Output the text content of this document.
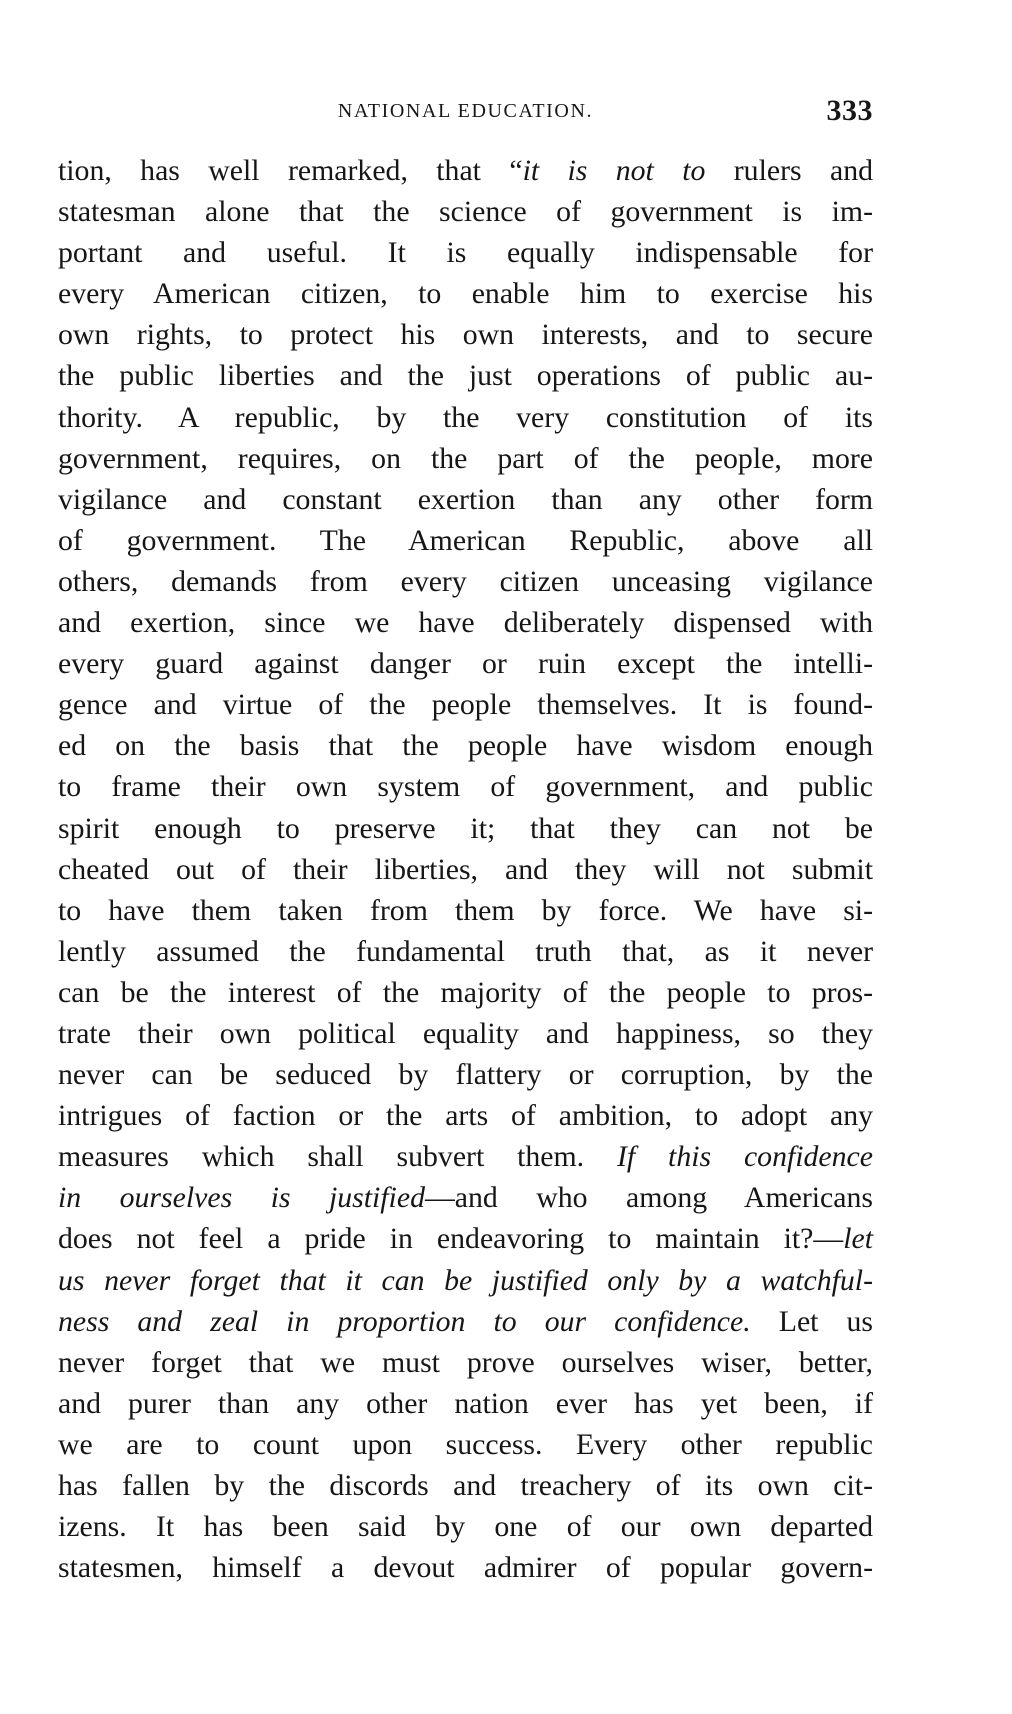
NATIONAL EDUCATION.	333
tion, has well remarked, that “it is not to rulers and
statesman alone that the science of government is im-
portant and useful. It is equally indispensable for
every American citizen, to enable him to exercise his
own rights, to protect his own interests, and to secure
the public liberties and the just operations of public au-
thority. A republic, by the very constitution of its
government, requires, on the part of the people, more
vigilance and constant exertion than any other form
of government. The American Republic, above all
others, demands from every citizen unceasing vigilance
and exertion, since we have deliberately dispensed with
every guard against danger or ruin except the intelli-
gence and virtue of the people themselves. It is found-
ed on the basis that the people have wisdom enough
to frame their own system of government, and public
spirit enough to preserve it; that they can not be
cheated out of their liberties, and they will not submit
to have them taken from them by force. We have si-
lently assumed the fundamental truth that, as it never
can be the interest of the majority of the people to pros-
trate their own political equality and happiness, so they
never can be seduced by flattery or corruption, by the
intrigues of faction or the arts of ambition, to adopt any
measures which shall subvert them. If this confidence
in ourselves is justified—and who among Americans
does not feel a pride in endeavoring to maintain it?—let
us never forget that it can be justified only by a watchful-
ness and zeal in proportion to our confidence. Let us
never forget that we must prove ourselves wiser, better,
and purer than any other nation ever has yet been, if
we are to count upon success. Every other republic
has fallen by the discords and treachery of its own cit-
izens. It has been said by one of our own departed
statesmen, himself a devout admirer of popular govern-
